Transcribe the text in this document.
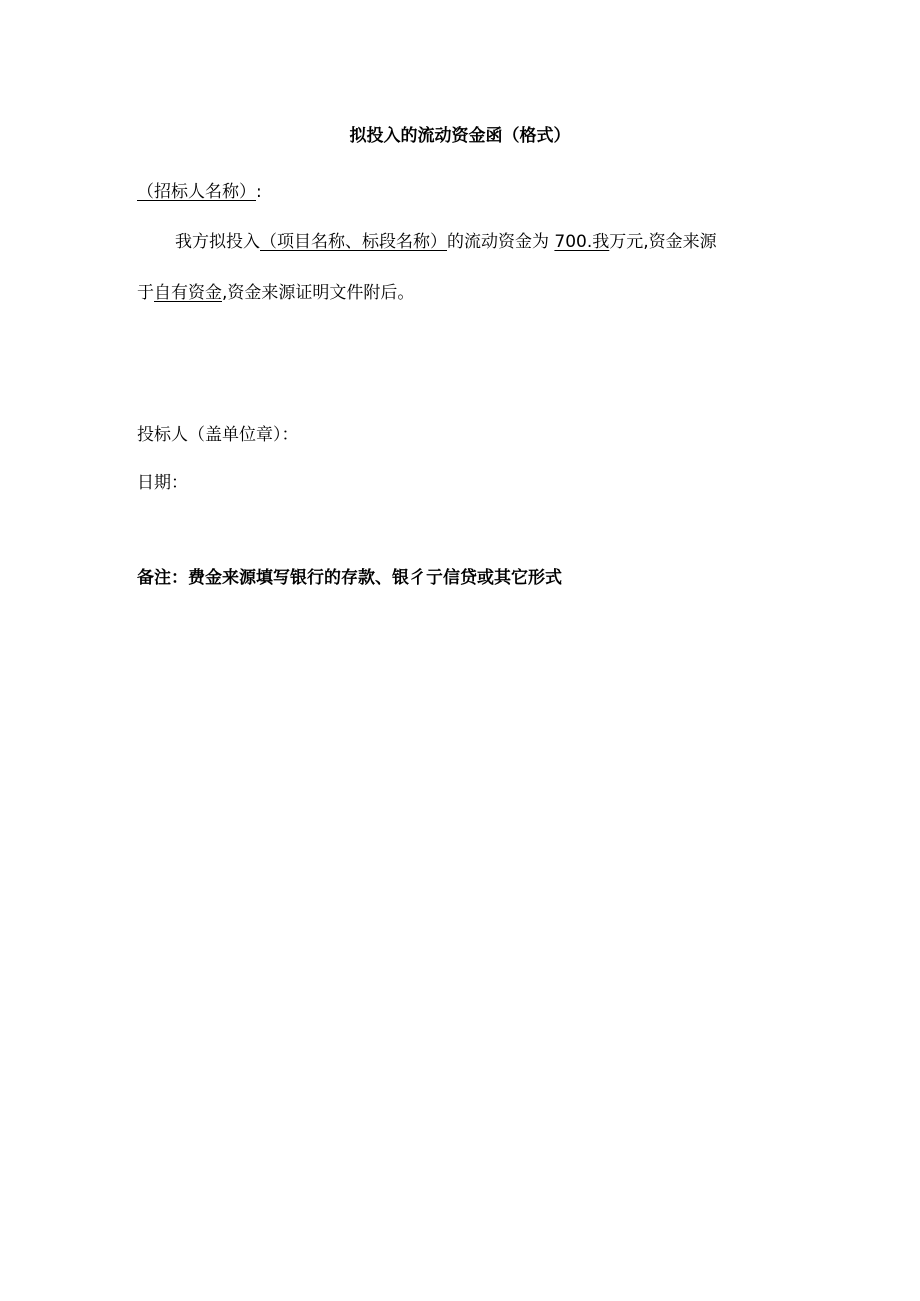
拟投入的流动资金函（格式）
（招标人名称）:
我方拟投入（项目名称、标段名称）的流动资金为 700.我万元,资金来源
于自有资金,资金来源证明文件附后。
投标人（盖单位章）：
日期：
备注：费金来源填写银行的存款、银彳亍信贷或其它形式
